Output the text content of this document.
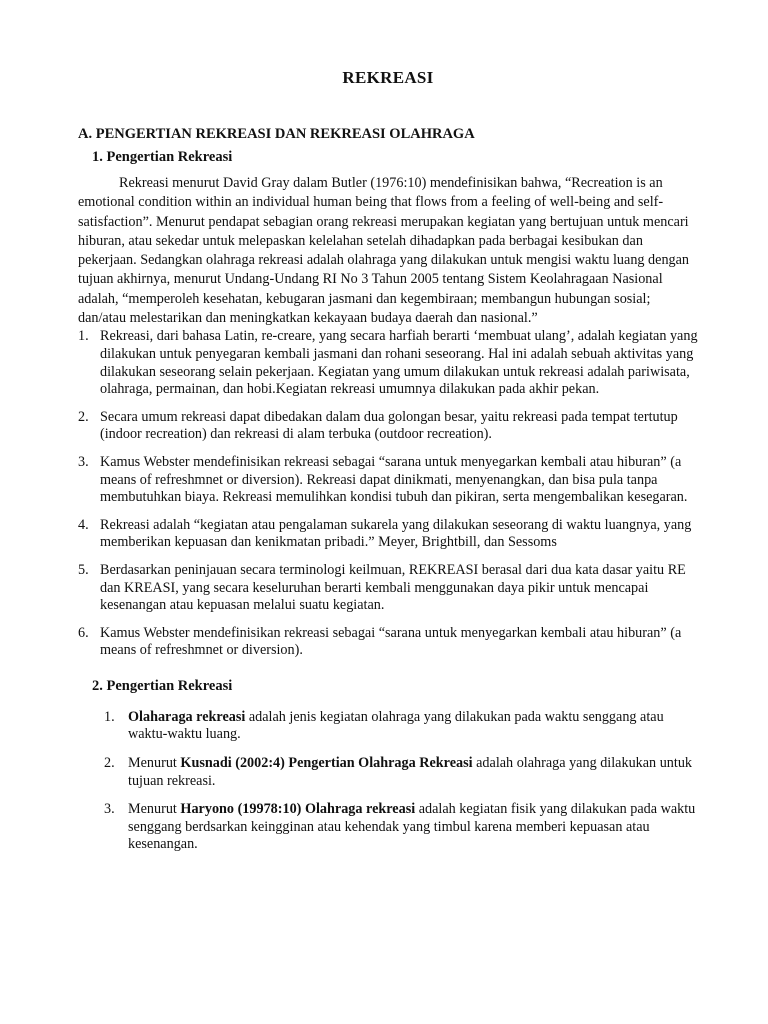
REKREASI
A. PENGERTIAN REKREASI DAN REKREASI OLAHRAGA
1. Pengertian Rekreasi

Rekreasi menurut David Gray dalam Butler (1976:10) mendefinisikan bahwa, “Recreation is an emotional condition within an individual human being that flows from a feeling of well-being and self-satisfaction”. Menurut pendapat sebagian orang rekreasi merupakan kegiatan yang bertujuan untuk mencari hiburan, atau sekedar untuk melepaskan kelelahan setelah dihadapkan pada berbagai kesibukan dan pekerjaan. Sedangkan olahraga rekreasi adalah olahraga yang dilakukan untuk mengisi waktu luang dengan tujuan akhirnya, menurut Undang-Undang RI No 3 Tahun 2005 tentang Sistem Keolahragaan Nasional adalah, “memperoleh kesehatan, kebugaran jasmani dan kegembiraan; membangun hubungan sosial; dan/atau melestarikan dan meningkatkan kekayaan budaya daerah dan nasional.”

1. Rekreasi, dari bahasa Latin, re-creare, yang secara harfiah berarti ‘membuat ulang’, adalah kegiatan yang dilakukan untuk penyegaran kembali jasmani dan rohani seseorang. Hal ini adalah sebuah aktivitas yang dilakukan seseorang selain pekerjaan. Kegiatan yang umum dilakukan untuk rekreasi adalah pariwisata, olahraga, permainan, dan hobi.Kegiatan rekreasi umumnya dilakukan pada akhir pekan.
2. Secara umum rekreasi dapat dibedakan dalam dua golongan besar, yaitu rekreasi pada tempat tertutup (indoor recreation) dan rekreasi di alam terbuka (outdoor recreation).
3. Kamus Webster mendefinisikan rekreasi sebagai “sarana untuk menyegarkan kembali atau hiburan” (a means of refreshmnet or diversion). Rekreasi dapat dinikmati, menyenangkan, dan bisa pula tanpa membutuhkan biaya. Rekreasi memulihkan kondisi tubuh dan pikiran, serta mengembalikan kesegaran.
4. Rekreasi adalah “kegiatan atau pengalaman sukarela yang dilakukan seseorang di waktu luangnya, yang memberikan kepuasan dan kenikmatan pribadi.” Meyer, Brightbill, dan Sessoms
5. Berdasarkan peninjauan secara terminologi keilmuan, REKREASI berasal dari dua kata dasar yaitu RE dan KREASI, yang secara keseluruhan berarti kembali menggunakan daya pikir untuk mencapai kesenangan atau kepuasan melalui suatu kegiatan.
6. Kamus Webster mendefinisikan rekreasi sebagai “sarana untuk menyegarkan kembali atau hiburan” (a means of refreshmnet or diversion).
2. Pengertian Rekreasi
1. Olaharaga rekreasi adalah jenis kegiatan olahraga yang dilakukan pada waktu senggang atau waktu-waktu luang.
2. Menurut Kusnadi (2002:4) Pengertian Olahraga Rekreasi adalah olahraga yang dilakukan untuk tujuan rekreasi.
3. Menurut Haryono (19978:10) Olahraga rekreasi adalah kegiatan fisik yang dilakukan pada waktu senggang berdsarkan keingginan atau kehendak yang timbul karena memberi kepuasan atau kesenangan.
